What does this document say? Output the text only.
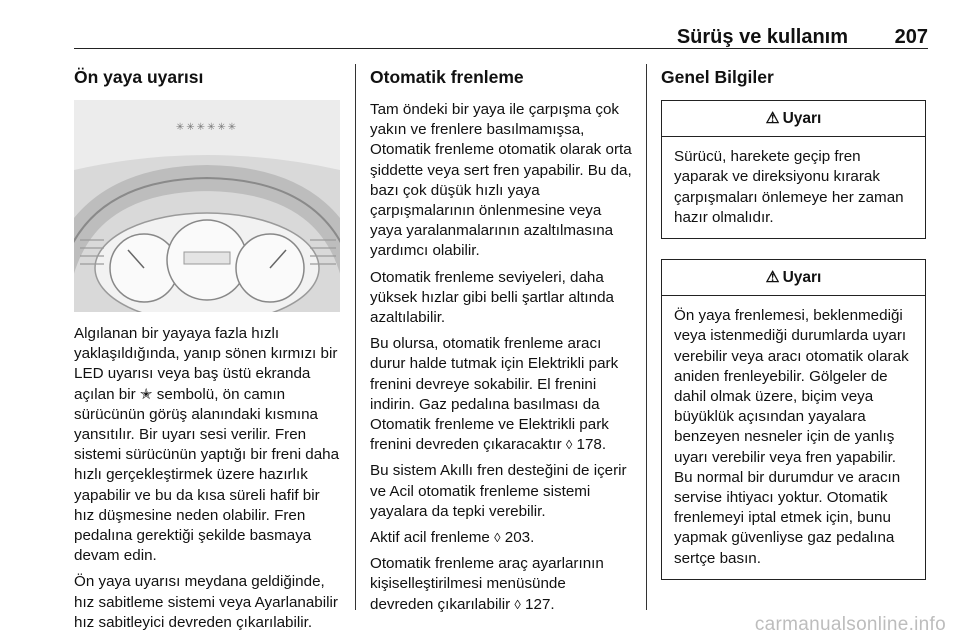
Sürüş ve kullanım 207
Ön yaya uyarısı
✳✳✳✳✳✳

Algılanan bir yayaya fazla hızlı yaklaşıldığında, yanıp sönen kırmızı bir LED uyarısı veya baş üstü ekranda açılan bir ✭ sembolü, ön camın sürücünün görüş alanındaki kısmına yansıtılır. Bir uyarı sesi verilir. Fren sistemi sürücünün yaptığı bir freni daha hızlı gerçekleştirmek üzere hazırlık yapabilir ve bu da kısa süreli hafif bir hız düşmesine neden olabilir. Fren pedalına gerektiği şekilde basmaya devam edin.

Ön yaya uyarısı meydana geldiğinde, hız sabitleme sistemi veya Ayarlanabilir hız sabitleyici devreden çıkarılabilir.

Otomatik frenleme

Tam öndeki bir yaya ile çarpışma çok yakın ve frenlere basılmamışsa, Otomatik frenleme otomatik olarak orta şiddette veya sert fren yapabilir. Bu da, bazı çok düşük hızlı yaya çarpışmalarının önlenmesine veya yaya yaralanmalarının azaltılmasına yardımcı olabilir.

Otomatik frenleme seviyeleri, daha yüksek hızlar gibi belli şartlar altında azaltılabilir.

Bu olursa, otomatik frenleme aracı durur halde tutmak için Elektrikli park frenini devreye sokabilir. El frenini indirin. Gaz pedalına basılması da Otomatik frenleme ve Elektrikli park frenini devreden çıkaracaktır ◊ 178.

Bu sistem Akıllı fren desteğini de içerir ve Acil otomatik frenleme sistemi yayalara da tepki verebilir.

Aktif acil frenleme ◊ 203.

Otomatik frenleme araç ayarlarının kişiselleştirilmesi menüsünde devreden çıkarılabilir ◊ 127.

Genel Bilgiler
⚠ Uyarı
Sürücü, harekete geçip fren yaparak ve direksiyonu kırarak çarpışmaları önlemeye her zaman hazır olmalıdır.
⚠ Uyarı
Ön yaya frenlemesi, beklenmediği veya istenmediği durumlarda uyarı verebilir veya aracı otomatik olarak aniden frenleyebilir. Gölgeler de dahil olmak üzere, biçim veya büyüklük açısından yayalara benzeyen nesneler için de yanlış uyarı verebilir veya fren yapabilir. Bu normal bir durumdur ve aracın servise ihtiyacı yoktur. Otomatik frenlemeyi iptal etmek için, bunu yapmak güvenliyse gaz pedalına sertçe basın.
carmanualsonline.info
